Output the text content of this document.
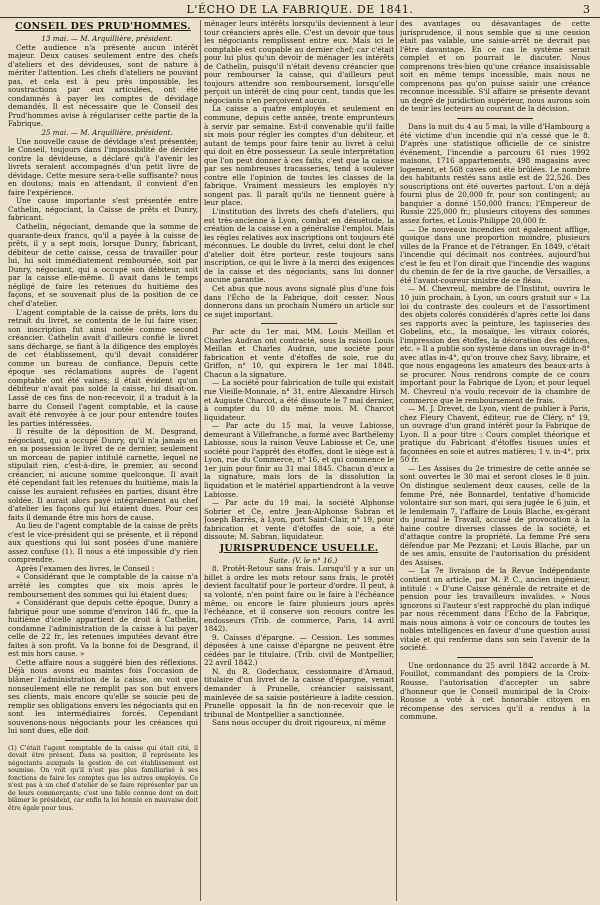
L'ÉCHO DE LA FABRIQUE. DE 1841.	3
CONSEIL DES PRUD'HOMMES.

13 mai. — M. Arquillière, président.

Cette audience n'a présenté aucun intérêt majeur. Deux causes seulement entre des chefs d'ateliers et des dévideuses, sont de nature à mériter l'attention. Les chefs d'ateliers ne pouvant pas, et cela est à peu près impossible, les soustractions par eux articulées, ont été condamnés à payer les comptes de dévidage demandés. Il est nécessaire que le Conseil des Prud'hommes avise à régulariser cette partie de la Fabrique.

25 mai. — M. Arquillière, président.

Une nouvelle cause de dévidage s'est présentée; le Conseil, toujours dans l'impossibilité de décider contre la dévideuse, a déclaré qu'à l'avenir les livrets seraient accompagnés d'un petit livre de dévidage. Cette mesure sera-t-elle suffisante? nous en doutons; mais en attendant, il convient d'en faire l'expérience.

Une cause importante s'est présentée entre Cathelin, négociant, la Caisse de prêts et Dunry, fabricant.

Cathelin, négociant, demande que la somme de quarante-deux francs, qu'il a payée à la caisse de prêts, il y a sept mois, lorsque Dunry, fabricant, débiteur de cette caisse, cessa de travailler pour lui, lui soit immédiatement remboursée, soit par Dunry, négociant, qui a occupé son débiteur, soit par la caisse elle-même. Il avait dans le temps négligé de faire les retenues du huitième des façons, et se souvenait plus de la position de ce chef d'atelier.

L'agent comptable de la caisse de prêts, lors du retrait du livret, se contenta de le lui faire viser, son inscription fut ainsi notée comme second créancier. Cathelin avait d'ailleurs confié le livret sans décharge, se fiant à la diligence des employés de cet établissement, qu'il devait considérer comme un bureau de confiance. Depuis cette époque ses réclamations auprès de l'agent comptable ont été vaines; il était évident qu'un débiteur n'avait pas soldé la caisse, lui disait-on. Lassé de ces fins de non-recevoir, il a traduit à la barre du Conseil l'agent comptable, et la cause avait été renvoyée à ce jour pour entendre toutes les parties intéressées.

Il résulte de la déposition de M. Desgrand, négociant, qui a occupé Dunry, qu'il n'a jamais eu en sa possession le livret de ce dernier, seulement un morceau de papier intitulé carnette, lequel ne stipulait rien, c'est-à-dire, le premier, au second créancier, ni aucune somme quelconque. Il avait été cependant fait les retenues du huitième, mais la caisse les auraient refusées en parties, disant être soldée. Il aurait alors payé intégralement au chef d'atelier les façons qui lui étaient dues. Pour ces faits il demande être mis hors de cause.

Au lieu de l'agent comptable de la caisse de prêts c'est le vice-président qui se présente, et il répond aux questions qui lui sont posées d'une manière assez confuse (1). Il nous a été impossible d'y rien comprendre.

Après l'examen des livres, le Conseil :

« Considérant que le comptable de la caisse n'a arrêté les comptes que six mois après le remboursement des sommes qui lui étaient dues;

« Considérant que depuis cette époque, Dunry a fabriqué pour une somme d'environ 146 fr., que la huitième d'icelle appartient de droit à Cathelin, condamne l'administration de la caisse à lui payer celle de 22 fr., les retenues imputées devant être faites à son profit. Va la bonne foi de Desgrand, il est mis hors cause. »

Cette affaire nous a suggéré bien des réflexions. Déjà nous avons eu maintes fois l'occasion de blâmer l'administration de la caisse, on voit que nonseulement elle ne remplit pas son but envers ses clients, mais encore qu'elle se soucie peu de remplir ses obligations envers les négociants qui en sont les intermédiaires forcés. Cependant souvenons-nous négociants pour les créances qui lui sont dues, elle doit

(1) C'était l'agent comptable de la caisse qui était cité, il devait être présent. Dans sa position, il représente les négociants auxquels la gestion de cet établissement est soumise. On voit qu'il n'est pas plus familiarisé à ses fonctions de faire les comptes que les autres employés. Ce n'est pas à un chef d'atelier de se faire représenter par un de leurs commerçants; c'est une fable connue dont on doit blâmer le président, car enfin la loi honnie en mauvaise doit être égale pour tous.

ménager leurs intérêts lorsqu'ils deviennent à leur tour créanciers après elle. C'est un devoir que tous les négociants remplissent entre eux. Mais ici le comptable est coupable au dernier chef; car c'était pour lui plus qu'un devoir de ménager les intérêts de Cathelin, puisqu'il n'était devenu créancier que pour rembourser la caisse, qui d'ailleurs peut toujours attendre son remboursement, lorsqu'elle perçoit un intérêt de cinq pour cent, tandis que les négociants n'en perçoivent aucun.

La caisse a quatre employés et seulement en commune, depuis cette année, trente emprunteurs à servir par semaine. Est-il convenable qu'il faille six mois pour régler les comptes d'un débiteur, et autant de temps pour faire tenir au livret à celui qui doit en être possesseur. La seule interprétation que l'on peut donner à ces faits, c'est que la caisse par ses nombreuses tracasseries, tend à soulever contre elle l'opinion de toutes les classes de la fabrique. Vraiment messieurs les employés n'y songent pas. Il paraît qu'ils ne tiennent guère à leur place.

L'institution des livrets des chefs d'ateliers, qui est très-ancienne à Lyon, combat en désuétude, la création de la caisse en a généralisé l'emploi. Mais les règles relatives aux inscriptions ont toujours été méconnues. Le double du livret, celui dont le chef d'atelier doit être porteur, reste toujours sans inscription, ce qui le livre à la merci des exigences de la caisse et des négociants, sans lui donner aucune garantie.

Cet abus que nous avons signalé plus d'une fois dans l'Écho de la Fabrique, doit cesser. Nous donnerons dans un prochain Numéro un article sur ce sujet important.

Par acte du 1er mai, MM. Louis Meillan et Charles Audran ont contracté, sous la raison Louis Meillan et Charles Audran, une société pour fabrication et vente d'étoffes de soie, rue du Griffon, n° 10, qui expirera le 1er mai 1848. Chacun a la signature.

— La société pour fabrication de tulle qui existait rue Vieille-Monnaie, n° 31, entre Alexandre Hirsch et Auguste Charcot, a été dissoute le 7 mai dernier, à compter du 10 du même mois. M. Charcot liquidateur.

— Par acte du 15 mai, la veuve Labiosse, demeurant à Villefranche, a formé avec Barthélemy Labiosse, sous la raison Veuve Labiosse et Ce, une société pour l'apprêt des étoffes, dont le siège est à Lyon, rue du Commerce, n° 16, et qui commence le 1er juin pour finir au 31 mai 1845. Chacun d'eux a la signature, mais lors de la dissolution la liquidation et le matériel appartiendront à la veuve Labiosse.

— Par acte du 19 mai, la société Alphonse Sobrier et Ce, entre Jean-Alphonse Sabran et Joseph Barrès, à Lyon, port Saint-Clair, n° 19, pour fabrication et vente d'étoffes de soie, a été dissoute; M. Sabran, liquidateur.

JURISPRUDENCE USUELLE.

Suite. (V. le n° 16.)

8. Protêt-Retour sans frais. Lorsqu'il y a sur un billet à ordre les mots retour sans frais, le protêt devient facultatif pour le porteur d'ordre. Il peut, à sa volonté, n'en point faire ou le faire à l'échéance même, ou encore le faire plusieurs jours après l'échéance, et il conserve son recours contre les endosseurs (Trib. de commerce, Paris, 14 avril 1842).

9. Caisses d'épargne. — Cession. Les sommes déposées à une caisse d'épargne ne peuvent être cédées par le titulaire. (Trib. civil de Montpellier, 22 avril 1842.)

N. du R. Godechaux, cessionnaire d'Arnaud, titulaire d'un livret de la caisse d'épargne, venait demander à Prunelle, créancier saisissant, mainlevée de sa saisie postérieure à ladite cession. Prunelle opposait la fin de non-recevoir que le tribunal de Montpellier a sanctionnée.

Sans nous occuper du droit rigoureux, ni même

des avantages ou désavantages de cette jurisprudence, il nous semble que si une cession était pas valable, une saisie-arrêt ne devrait pas l'être davantage. En ce cas le système serait complet et on pourrait le discuter. Nous comprenons très-bien qu'une créance insaisissable soit en même temps incessible, mais nous ne comprenons pas qu'on puisse saisir une créance reconnue incessible. S'il affaire se présente devant un degré de juridiction supérieur, nous aurons soin de tenir les lecteurs au courant de la décision.

Dans la nuit du 4 au 5 mai, la ville d'Hambourg a été victime d'un incendie qui n'a cessé que le 8. D'après une statistique officielle de ce sinistre événement, l'incendie a parcouru 61 rues 1992 maisons, 1716 appartements, 498 magasins avec logement, et 568 caves ont été brûlées. Le nombre des habitants restés sans asile est de 22,526. Des souscriptions ont été ouvertes partout. L'on a déjà fourni plus de 20,000 fr. pour son contingent; au banquier a donné 150,000 francs; l'Empereur de Russie 225,000 fr.; plusieurs citoyens des sommes assez fortes, et Louis-Philippe 20,000 fr.

— De nouveaux incendies ont également afflige, quoique dans une proportion moindre, plusieurs villes de la France et de l'étranger. En 1849, c'était l'incendie qui décimait nos contrées, aujourd'hui c'est le feu et l'on dirait que l'incendie des wagons du chemin de fer de la rive gauche, de Versailles, a été l'avant-coureur sinistre de ce fléau.

— M. Chevreul, membre de l'Institut, ouvrira le 10 juin prochain, à Lyon, un cours gratuit sur « La loi du contraste des couleurs et de l'assortiment des objets colorés considérés d'après cette loi dans ses rapports avec la peinture, les tapisseries des Gobelins, etc., la mosaïque, les vitraux colorés, l'impression des étoffes, la décoration des édifices, etc. » Il a publié son système dans un ouvrage in-8° avec atlas in-4°, qu'on trouve chez Savy, libraire, et que nous engageons les amateurs des beaux-arts à se procurer. Nous rendrons compte de ce cours important pour la Fabrique de Lyon; et pour lequel M. Chevreul n'a voulu recevoir de la chambre de commerce que le remboursement de frais.

— M. J. Drevet, de Lyon, vient de publier à Paris, chez Fleury Chavent, éditeur, rue de Cléry, n° 19, un ouvrage d'un grand intérêt pour la Fabrique de Lyon. Il a pour titre : Cours complet théorique et pratique du Fabricant d'étoffes tissues unies et façonnées en soie et autres matières; 1 v. in-4°, prix 50 fr.

— Les Assises du 2e trimestre de cette année se sont ouvertes le 30 mai et seront closes le 8 juin. On distingue seulement deux causes, celle de la femme Pré, née Bonnardel, tentative d'homicide volontaire sur son mari, qui sera jugée le 6 juin, et le lendemain 7, l'affaire de Louis Blache, ex-gérant du journal le Travail, accusé de provocation à la haine contre diverses classes de la société, et d'attaque contre la propriété. La femme Pré sera défendue par Me Pezzani; et Louis Blache, par un de ses amis, ensuite de l'autorisation du président des Assises.

— La 7e livraison de la Revue Indépendante contient un article, par M. P. C., ancien ingénieur, intitulé : « D'une Caisse générale de retraite et de pension pour les travailleurs invalides. » Nous ignorons si l'auteur s'est rapproché du plan indiqué par nous récemment dans l'Écho de la Fabrique, mais nous aimons à voir ce concours de toutes les nobles intelligences en faveur d'une question aussi vitale et qui renferme dans son sein l'avenir de la société.

Une ordonnance du 25 avril 1842 accorde à M. Fouillot, commandant des pompiers de la Croix-Rousse, l'autorisation d'accepter un sabre d'honneur que le Conseil municipal de la Croix-Rousse a voté à cet honorable citoyen en récompense des services qu'il a rendus à la commune.
